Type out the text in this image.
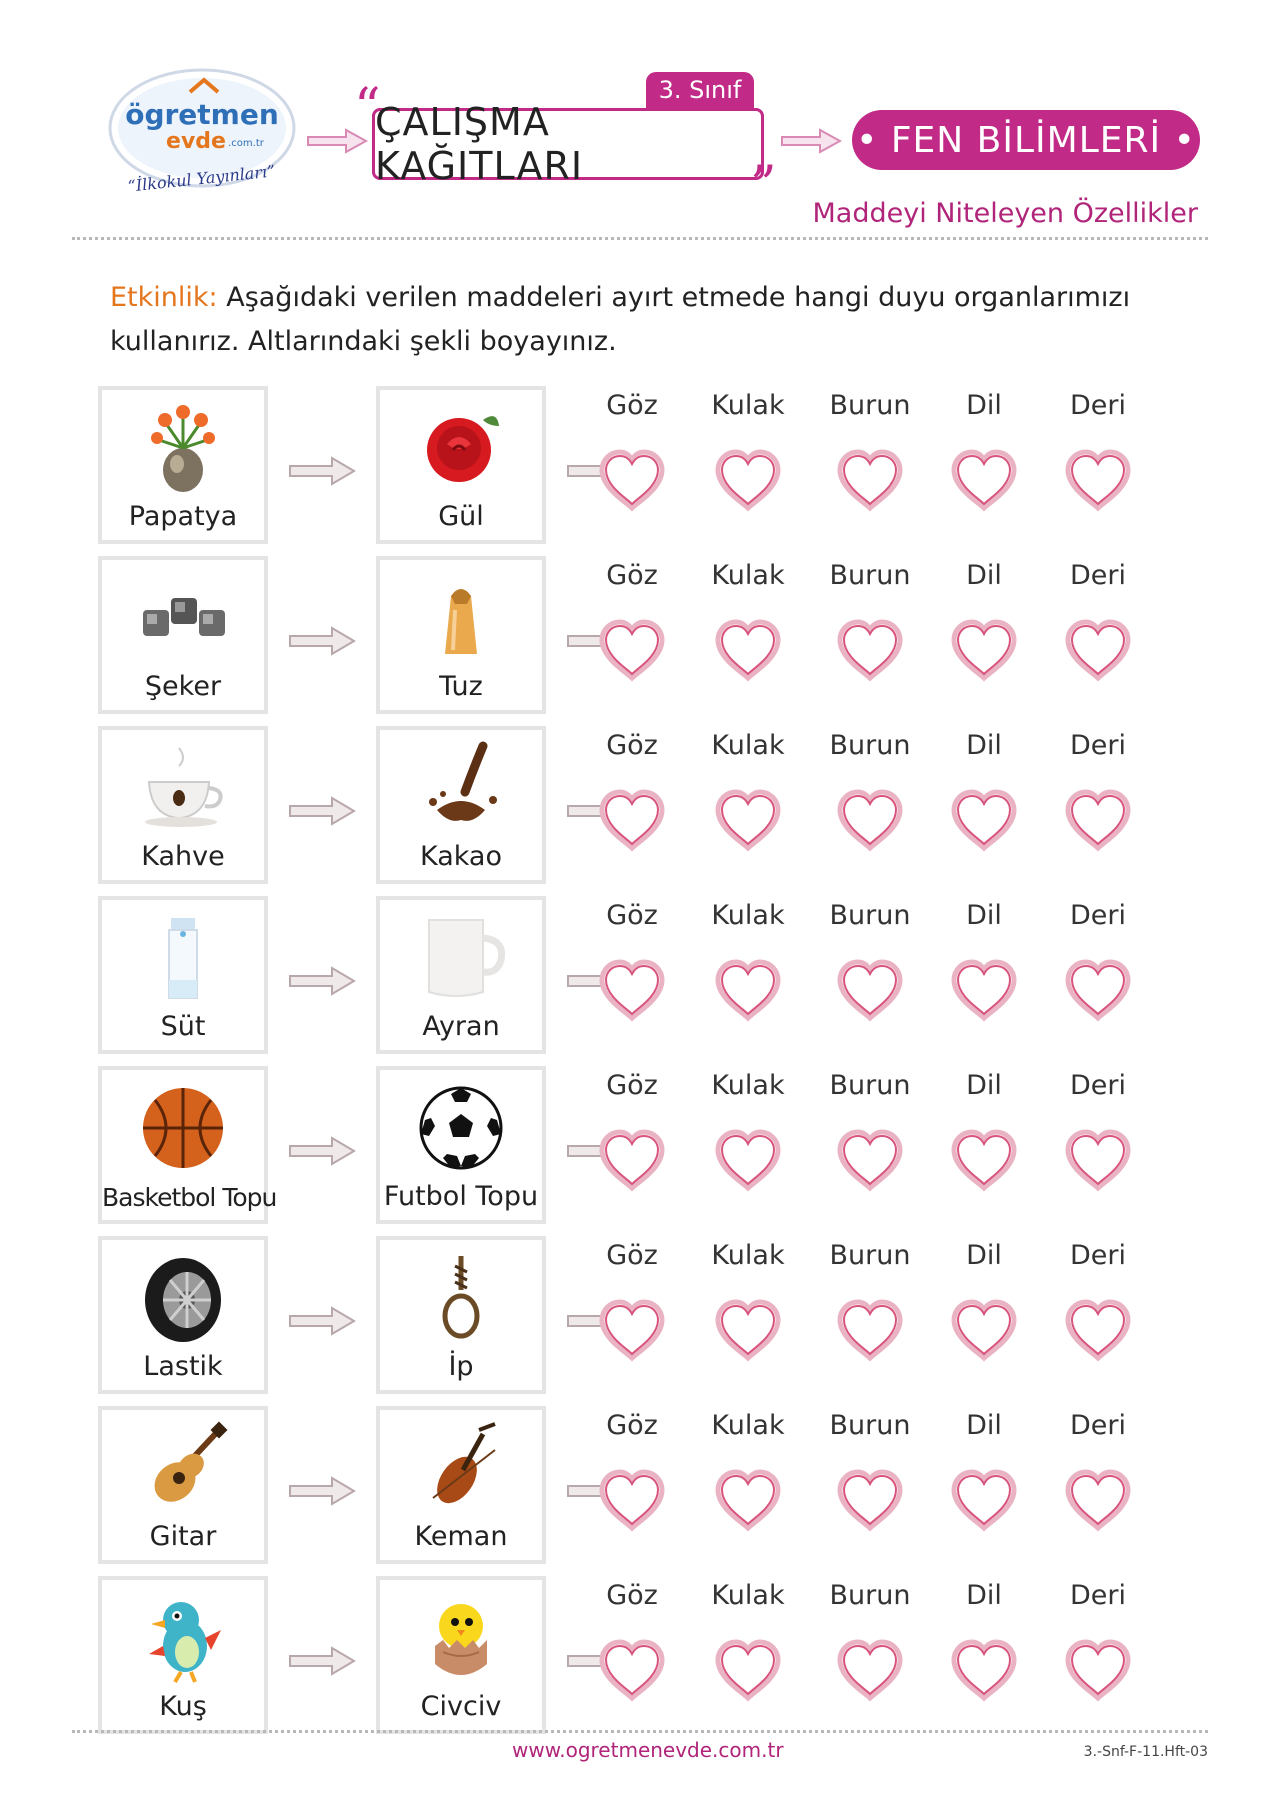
ögretmen
evde .com.tr
“İlkokul Yayınları”
“	3. Sınıf
ÇALIŞMA KAĞITLARI	”
• FEN BİLİMLERİ •
Maddeyi Niteleyen Özellikler
Etkinlik: Aşağıdaki verilen maddeleri ayırt etmede hangi duyu organlarımızı kullanırız. Altlarındaki şekli boyayınız.
Papatya	Gül
Göz	Kulak	Burun	Dil	Deri
Şeker	Tuz
Göz	Kulak	Burun	Dil	Deri
Kahve	Kakao
Göz	Kulak	Burun	Dil	Deri
Süt	Ayran
Göz	Kulak	Burun	Dil	Deri
Basketbol Topu	Futbol Topu
Göz	Kulak	Burun	Dil	Deri
Lastik	İp
Göz	Kulak	Burun	Dil	Deri
Gitar	Keman
Göz	Kulak	Burun	Dil	Deri
Kuş	Civciv
Göz	Kulak	Burun	Dil	Deri
www.ogretmenevde.com.tr	3.-Snf-F-11.Hft-03
